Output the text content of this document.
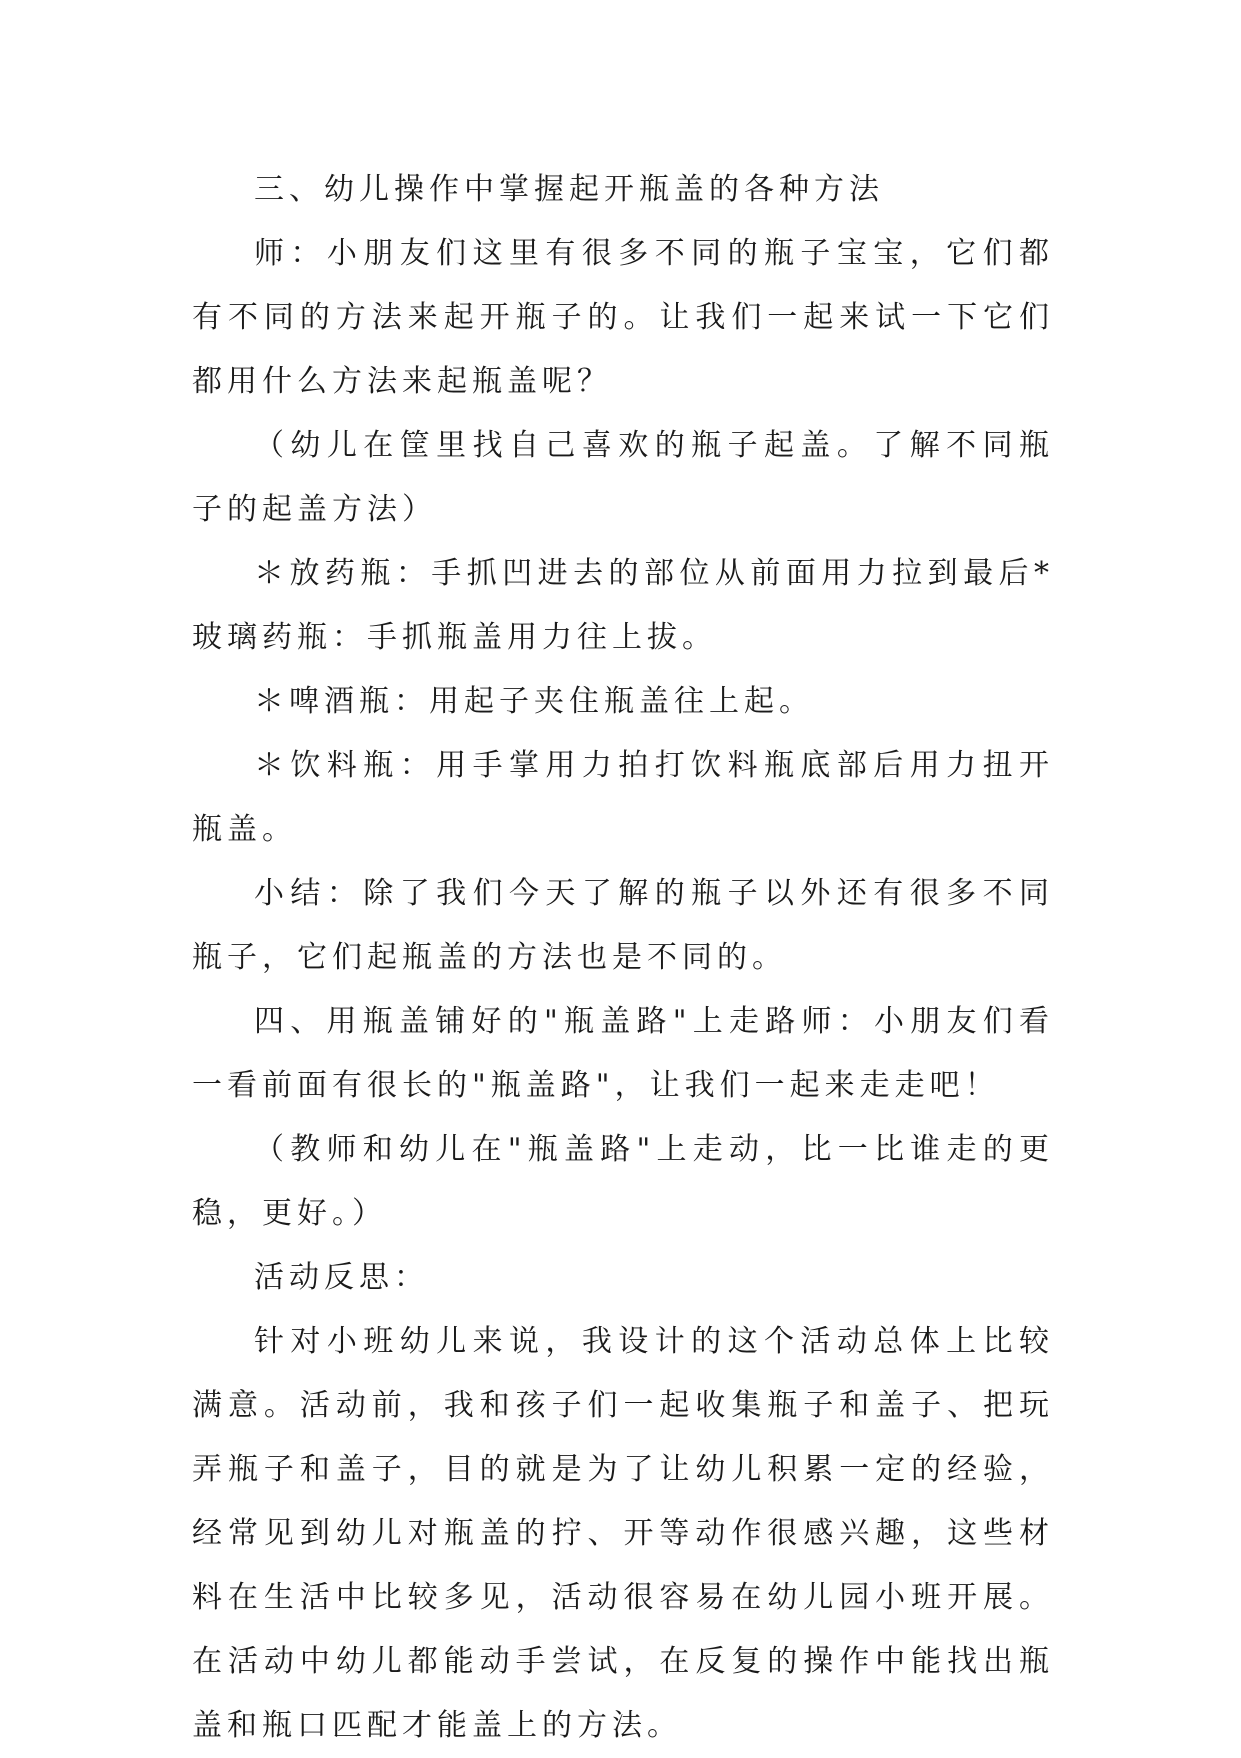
三、幼儿操作中掌握起开瓶盖的各种方法

师：小朋友们这里有很多不同的瓶子宝宝，它们都有不同的方法来起开瓶子的。让我们一起来试一下它们都用什么方法来起瓶盖呢？

（幼儿在筐里找自己喜欢的瓶子起盖。了解不同瓶子的起盖方法）

＊放药瓶：手抓凹进去的部位从前面用力拉到最后*玻璃药瓶：手抓瓶盖用力往上拔。

＊啤酒瓶：用起子夹住瓶盖往上起。

＊饮料瓶：用手掌用力拍打饮料瓶底部后用力扭开瓶盖。

小结：除了我们今天了解的瓶子以外还有很多不同瓶子，它们起瓶盖的方法也是不同的。

四、用瓶盖铺好的"瓶盖路"上走路师：小朋友们看一看前面有很长的"瓶盖路"，让我们一起来走走吧！

（教师和幼儿在"瓶盖路"上走动，比一比谁走的更稳，更好。）

活动反思：

针对小班幼儿来说，我设计的这个活动总体上比较满意。活动前，我和孩子们一起收集瓶子和盖子、把玩弄瓶子和盖子，目的就是为了让幼儿积累一定的经验，经常见到幼儿对瓶盖的拧、开等动作很感兴趣，这些材料在生活中比较多见，活动很容易在幼儿园小班开展。在活动中幼儿都能动手尝试，在反复的操作中能找出瓶盖和瓶口匹配才能盖上的方法。
